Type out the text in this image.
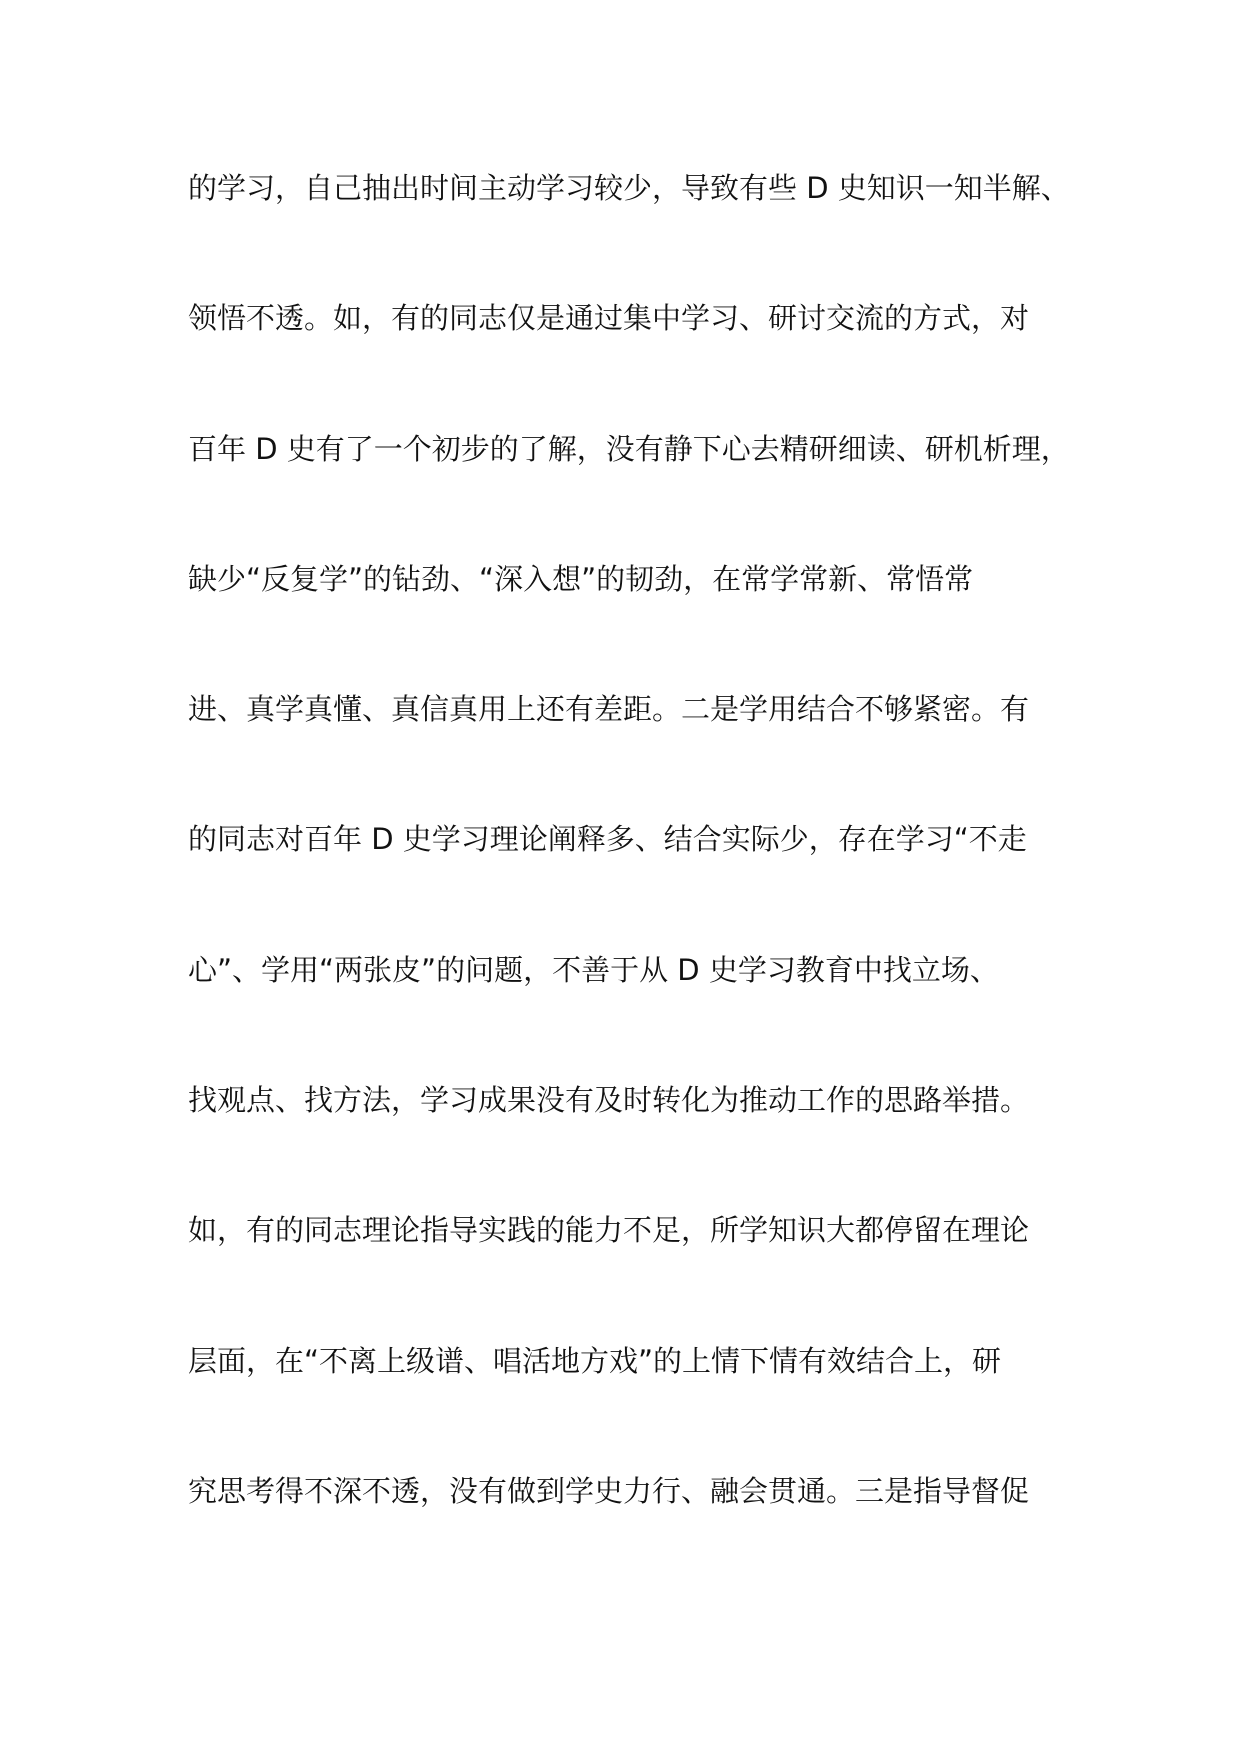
的学习，自己抽出时间主动学习较少，导致有些 D 史知识一知半解、
领悟不透。如，有的同志仅是通过集中学习、研讨交流的方式，对
百年 D 史有了一个初步的了解，没有静下心去精研细读、研机析理，
缺少“反复学”的钻劲、“深入想”的韧劲，在常学常新、常悟常
进、真学真懂、真信真用上还有差距。二是学用结合不够紧密。有
的同志对百年 D 史学习理论阐释多、结合实际少，存在学习“不走
心”、学用“两张皮”的问题，不善于从 D 史学习教育中找立场、
找观点、找方法，学习成果没有及时转化为推动工作的思路举措。
如，有的同志理论指导实践的能力不足，所学知识大都停留在理论
层面，在“不离上级谱、唱活地方戏”的上情下情有效结合上，研
究思考得不深不透，没有做到学史力行、融会贯通。三是指导督促
